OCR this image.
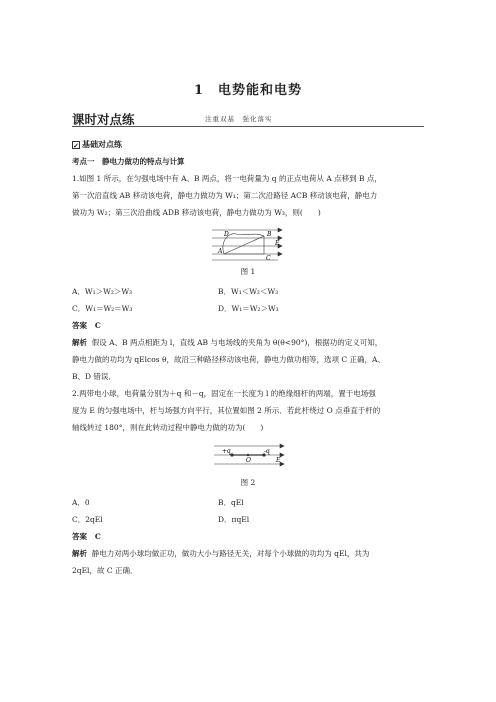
1　电势能和电势
课时对点练	注重双基　强化落实
✓ 基础对点练
考点一　静电力做功的特点与计算
1.如图 1 所示，在匀强电场中有 A、B 两点，将一电荷量为 q 的正点电荷从 A 点移到 B 点，
第一次沿直线 AB 移动该电荷，静电力做功为 W₁；第二次沿路径 ACB 移动该电荷，静电力
做功为 W₂；第三次沿曲线 ADB 移动该电荷，静电力做功为 W₃，则(　　)
D	B
E
A
C
图 1
A．W₁＞W₂＞W₃	B．W₁＜W₂＜W₃
C．W₁＝W₂＝W₃	D．W₁＝W₂＞W₃
答案 C
解析 假设 A、B 两点相距为 l，直线 AB 与电场线的夹角为 θ(θ<90°)，根据功的定义可知，
静电力做的功均为 qElcos θ，故沿三种路径移动该电荷，静电力做功相等，选项 C 正确，A、
B、D 错误．
2.两带电小球，电荷量分别为＋q 和－q，固定在一长度为 l 的绝缘细杆的两端，置于电场强
度为 E 的匀强电场中，杆与场强方向平行，其位置如图 2 所示．若此杆绕过 O 点垂直于杆的
轴线转过 180°，则在此转动过程中静电力做的功为(　　)
+q
O
-q
E
图 2
A．0	B．qEl
C．2qEl	D．πqEl
答案 C
解析 静电力对两小球均做正功，做功大小与路径无关，对每个小球做的功均为 qEl，共为
2qEl，故 C 正确．
